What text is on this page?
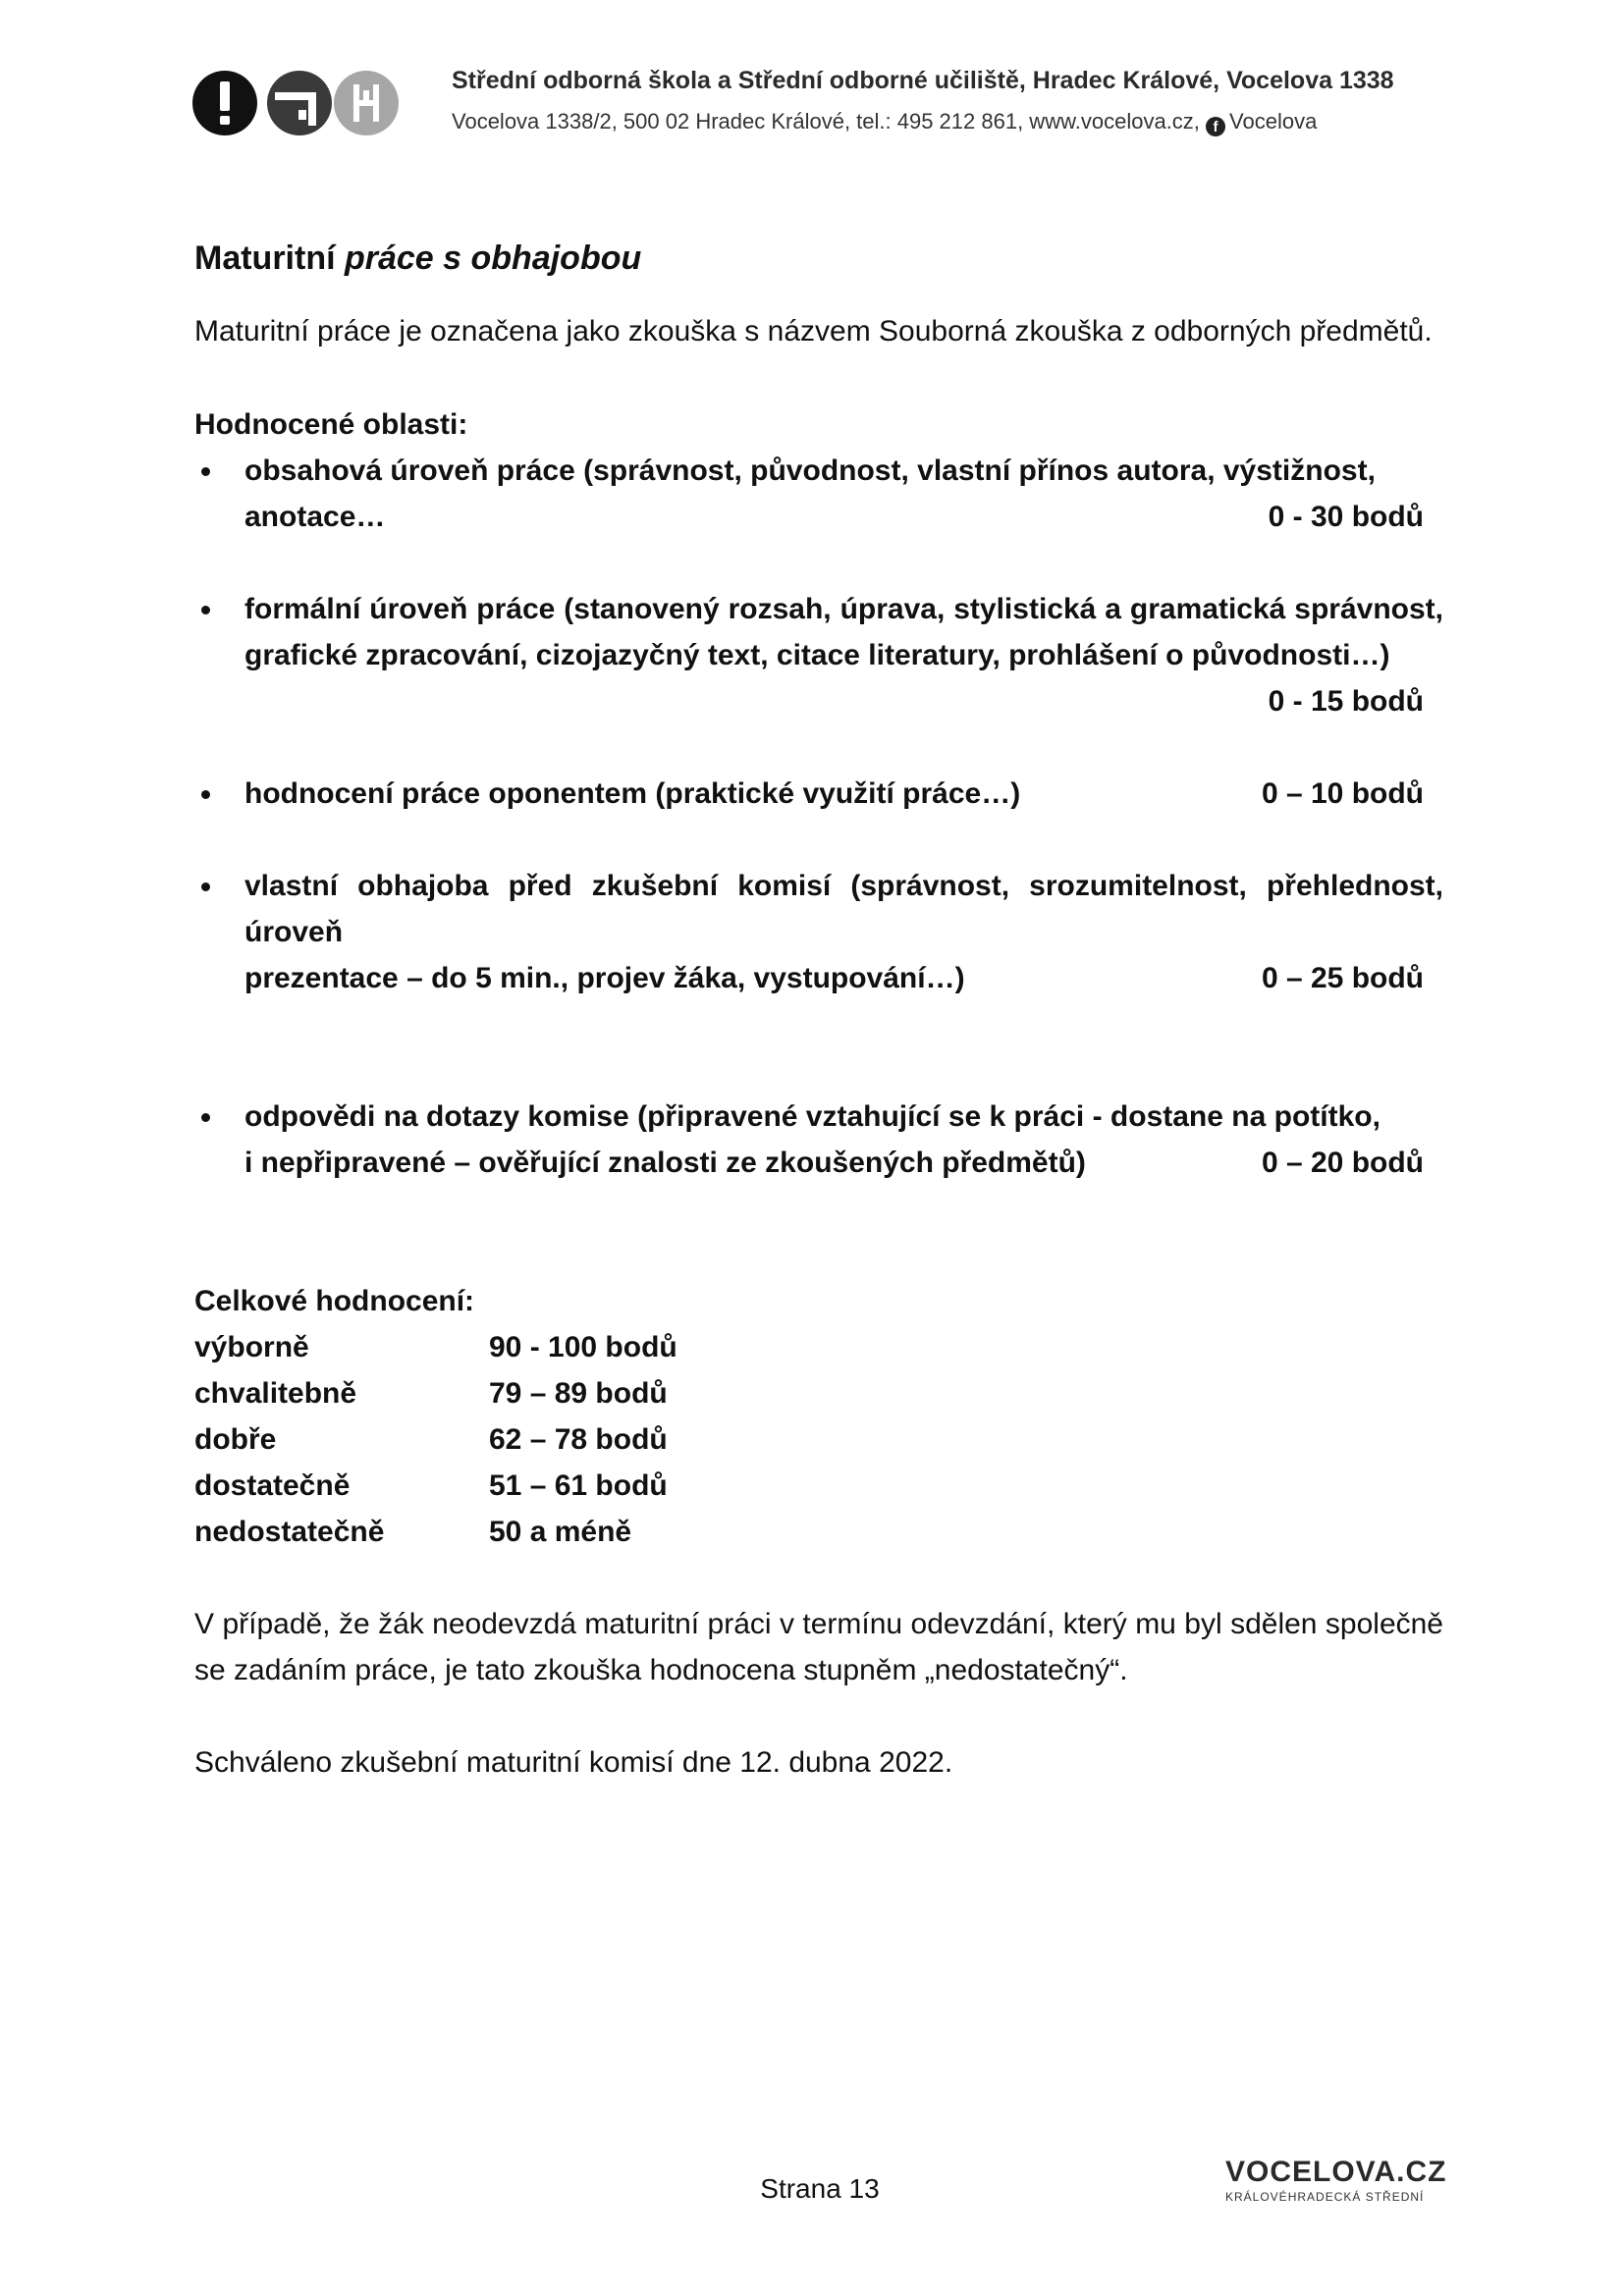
Střední odborná škola a Střední odborné učiliště, Hradec Králové, Vocelova 1338
Vocelova 1338/2, 500 02 Hradec Králové, tel.: 495 212 861, www.vocelova.cz, f Vocelova
Maturitní práce s obhajobou

Maturitní práce je označena jako zkouška s názvem Souborná zkouška z odborných předmětů.

Hodnocené oblasti:

obsahová úroveň práce (správnost, původnost, vlastní přínos autora, výstižnost,
anotace…	0 - 30 bodů
formální úroveň práce (stanovený rozsah, úprava, stylistická a gramatická správnost, grafické zpracování, cizojazyčný text, citace literatury, prohlášení o původnosti…)
0 - 15 bodů
hodnocení práce oponentem (praktické využití práce…)	0 – 10 bodů
vlastní obhajoba před zkušební komisí (správnost, srozumitelnost, přehlednost, úroveň
prezentace – do 5 min., projev žáka, vystupování…)	0 – 25 bodů
odpovědi na dotazy komise (připravené vztahující se k práci - dostane na potítko,
i nepřipravené – ověřující znalosti ze zkoušených předmětů)	0 – 20 bodů

Celkové hodnocení:

výborně	90 - 100 bodů
chvalitebně	79 – 89 bodů
dobře	62 – 78 bodů
dostatečně	51 – 61 bodů
nedostatečně	50 a méně

V případě, že žák neodevzdá maturitní práci v termínu odevzdání, který mu byl sdělen společně se zadáním práce, je tato zkouška hodnocena stupněm „nedostatečný“.

Schváleno zkušební maturitní komisí dne 12. dubna 2022.

Strana 13
VOCELOVA.CZ
KRÁLOVÉHRADECKÁ STŘEDNÍ
